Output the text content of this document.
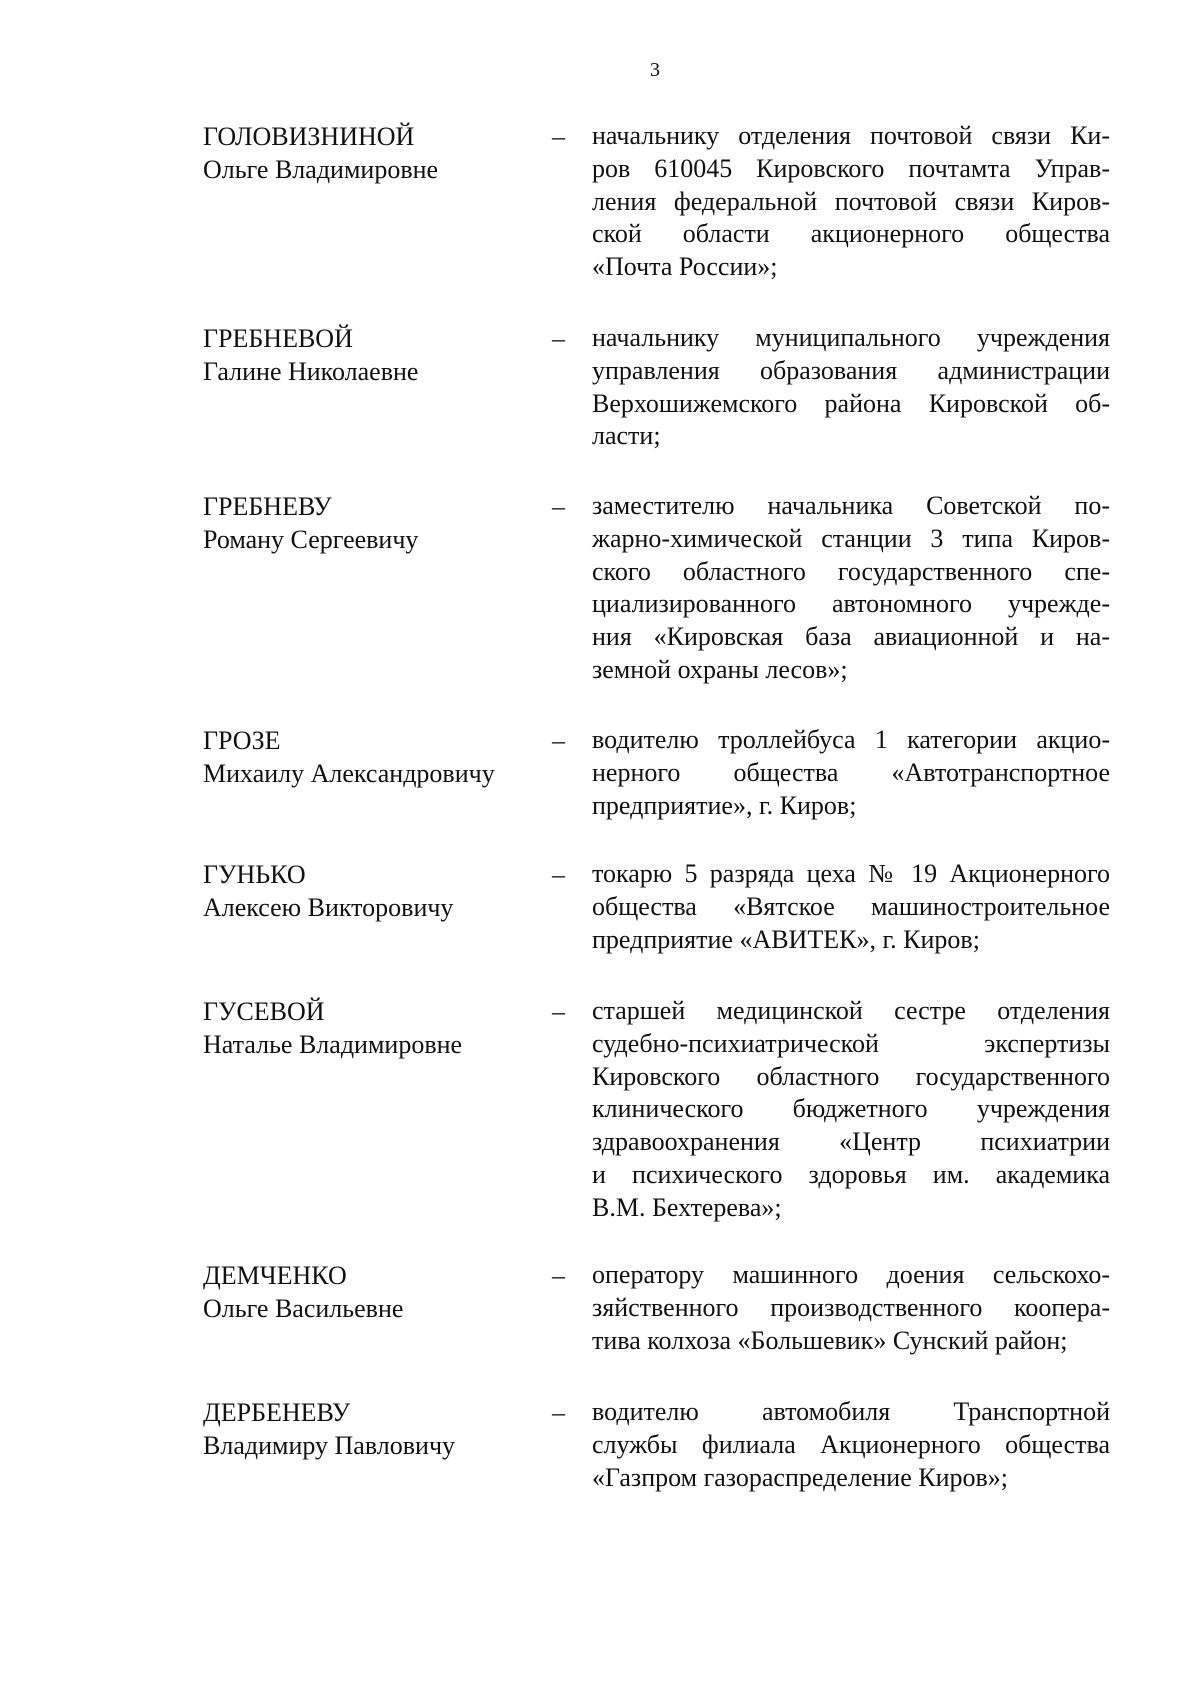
3
ГОЛОВИЗНИНОЙ
Ольге Владимировне
– начальнику отделения почтовой связи Ки-
ров 610045 Кировского почтамта Управ-
ления федеральной почтовой связи Киров-
ской области акционерного общества
«Почта России»;
ГРЕБНЕВОЙ
Галине Николаевне
– начальнику муниципального учреждения
управления образования администрации
Верхошижемского района Кировской об-
ласти;
ГРЕБНЕВУ
Роману Сергеевичу
– заместителю начальника Советской по-
жарно-химической станции 3 типа Киров-
ского областного государственного спе-
циализированного автономного учрежде-
ния «Кировская база авиационной и на-
земной охраны лесов»;
ГРОЗЕ
Михаилу Александровичу
– водителю троллейбуса 1 категории акцио-
нерного общества «Автотранспортное
предприятие», г. Киров;
ГУНЬКО
Алексею Викторовичу
– токарю 5 разряда цеха № 19 Акционерного
общества «Вятское машиностроительное
предприятие «АВИТЕК», г. Киров;
ГУСЕВОЙ
Наталье Владимировне
– старшей медицинской сестре отделения
судебно-психиатрической экспертизы
Кировского областного государственного
клинического бюджетного учреждения
здравоохранения «Центр психиатрии
и психического здоровья им. академика
В.М. Бехтерева»;
ДЕМЧЕНКО
Ольге Васильевне
– оператору машинного доения сельскохо-
зяйственного производственного коопера-
тива колхоза «Большевик» Сунский район;
ДЕРБЕНЕВУ
Владимиру Павловичу
– водителю автомобиля Транспортной
службы филиала Акционерного общества
«Газпром газораспределение Киров»;
